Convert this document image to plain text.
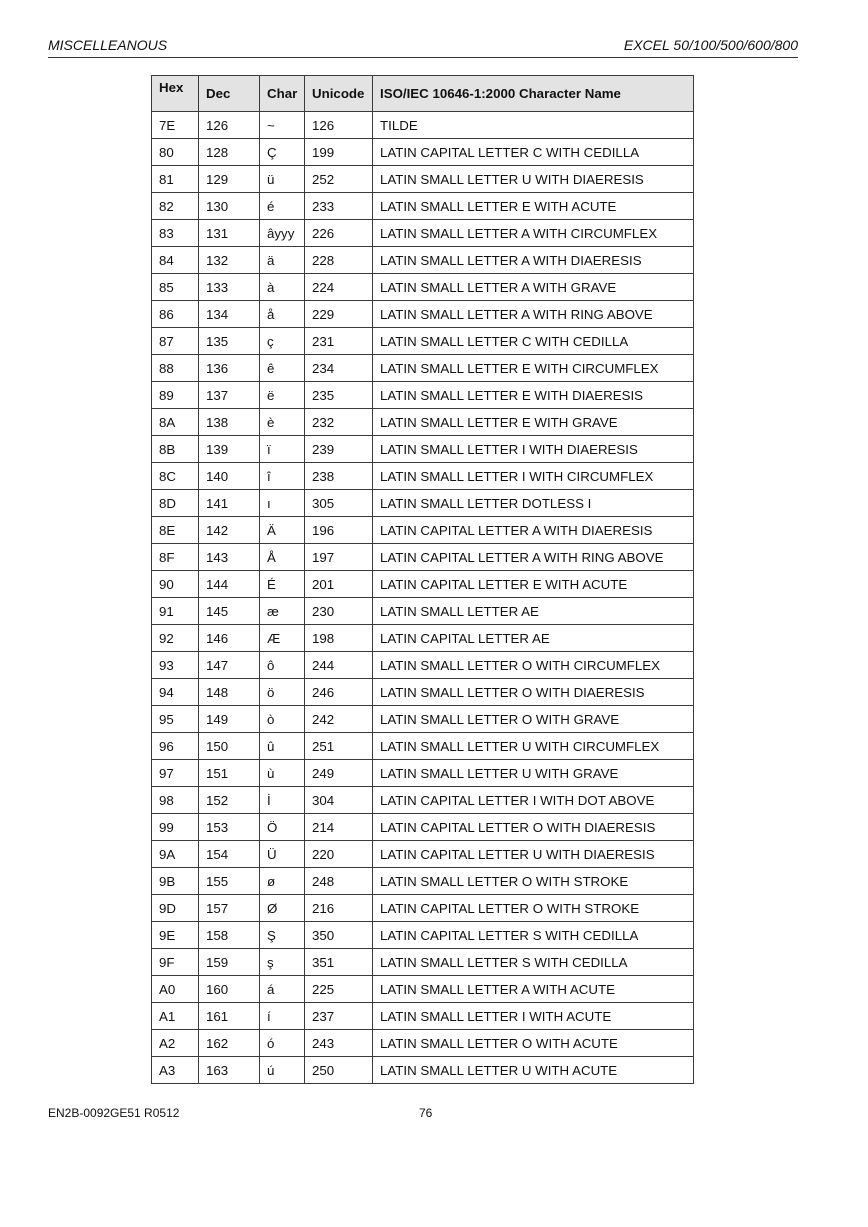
MISCELLEANOUS	EXCEL 50/100/500/600/800
Hex	Dec	Char	Unicode	ISO/IEC 10646-1:2000 Character Name
7E	126	~	126	TILDE
80	128	Ç	199	LATIN CAPITAL LETTER C WITH CEDILLA
81	129	ü	252	LATIN SMALL LETTER U WITH DIAERESIS
82	130	é	233	LATIN SMALL LETTER E WITH ACUTE
83	131	âyyy	226	LATIN SMALL LETTER A WITH CIRCUMFLEX
84	132	ä	228	LATIN SMALL LETTER A WITH DIAERESIS
85	133	à	224	LATIN SMALL LETTER A WITH GRAVE
86	134	å	229	LATIN SMALL LETTER A WITH RING ABOVE
87	135	ç	231	LATIN SMALL LETTER C WITH CEDILLA
88	136	ê	234	LATIN SMALL LETTER E WITH CIRCUMFLEX
89	137	ë	235	LATIN SMALL LETTER E WITH DIAERESIS
8A	138	è	232	LATIN SMALL LETTER E WITH GRAVE
8B	139	ï	239	LATIN SMALL LETTER I WITH DIAERESIS
8C	140	î	238	LATIN SMALL LETTER I WITH CIRCUMFLEX
8D	141	ı	305	LATIN SMALL LETTER DOTLESS I
8E	142	Ä	196	LATIN CAPITAL LETTER A WITH DIAERESIS
8F	143	Å	197	LATIN CAPITAL LETTER A WITH RING ABOVE
90	144	É	201	LATIN CAPITAL LETTER E WITH ACUTE
91	145	æ	230	LATIN SMALL LETTER AE
92	146	Æ	198	LATIN CAPITAL LETTER AE
93	147	ô	244	LATIN SMALL LETTER O WITH CIRCUMFLEX
94	148	ö	246	LATIN SMALL LETTER O WITH DIAERESIS
95	149	ò	242	LATIN SMALL LETTER O WITH GRAVE
96	150	û	251	LATIN SMALL LETTER U WITH CIRCUMFLEX
97	151	ù	249	LATIN SMALL LETTER U WITH GRAVE
98	152	İ	304	LATIN CAPITAL LETTER I WITH DOT ABOVE
99	153	Ö	214	LATIN CAPITAL LETTER O WITH DIAERESIS
9A	154	Ü	220	LATIN CAPITAL LETTER U WITH DIAERESIS
9B	155	ø	248	LATIN SMALL LETTER O WITH STROKE
9D	157	Ø	216	LATIN CAPITAL LETTER O WITH STROKE
9E	158	Ş	350	LATIN CAPITAL LETTER S WITH CEDILLA
9F	159	ş	351	LATIN SMALL LETTER S WITH CEDILLA
A0	160	á	225	LATIN SMALL LETTER A WITH ACUTE
A1	161	í	237	LATIN SMALL LETTER I WITH ACUTE
A2	162	ó	243	LATIN SMALL LETTER O WITH ACUTE
A3	163	ú	250	LATIN SMALL LETTER U WITH ACUTE
EN2B-0092GE51 R0512	76
